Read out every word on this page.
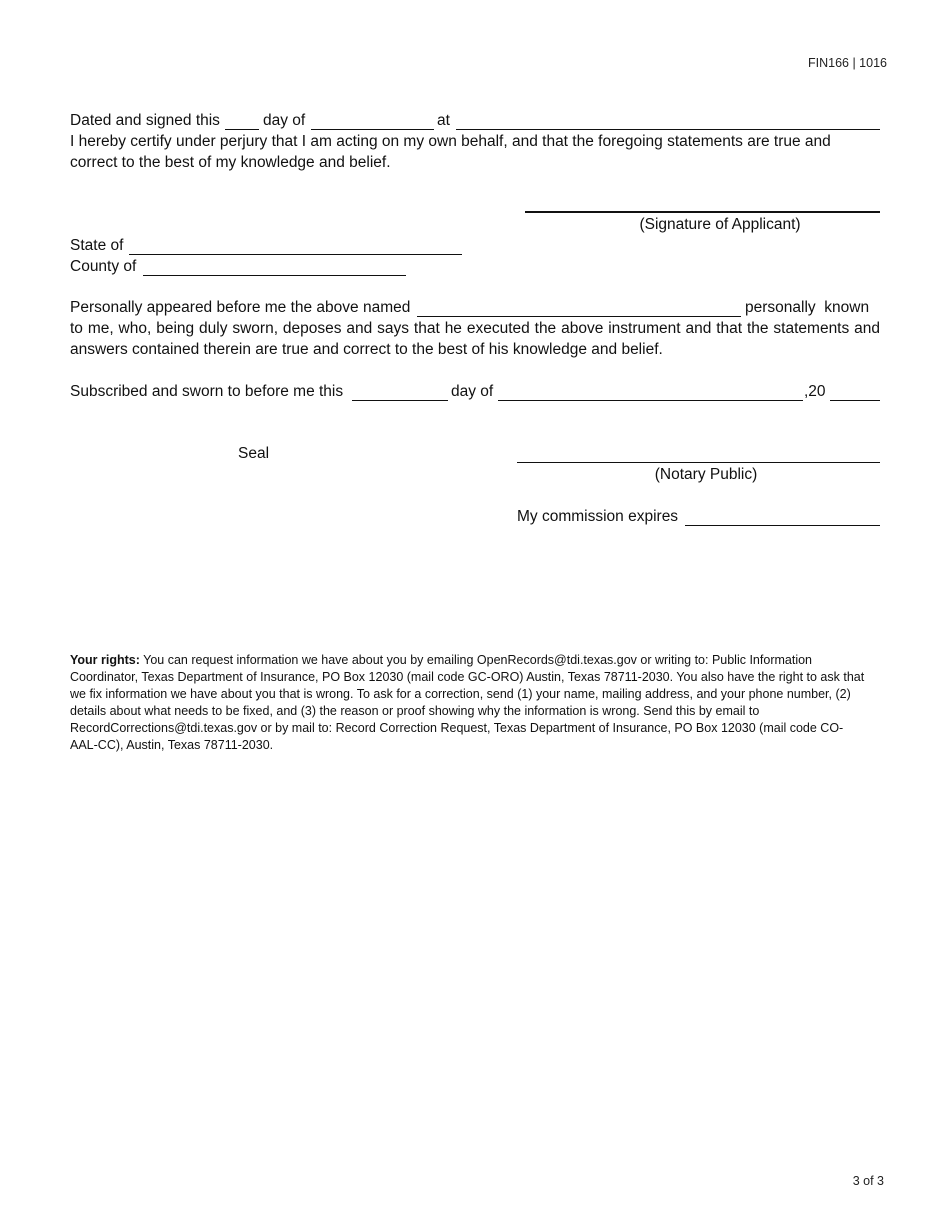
FIN166 | 1016
Dated and signed this	day of	at
I hereby certify under perjury that I am acting on my own behalf, and that the foregoing statements are true and correct to the best of my knowledge and belief.
(Signature of Applicant)
State of
County of
Personally appeared before me the above named	personally  known
to me, who, being duly sworn, deposes and says that he executed the above instrument and that the statements and answers contained therein are true and correct to the best of his knowledge and belief.
Subscribed and sworn to before me this	day of	,20
Seal
(Notary Public)
My commission expires
Your rights: You can request information we have about you by emailing OpenRecords@tdi.texas.gov or writing to: Public Information Coordinator, Texas Department of Insurance, PO Box 12030 (mail code GC-ORO) Austin, Texas 78711-2030. You also have the right to ask that we fix information we have about you that is wrong. To ask for a correction, send (1) your name, mailing address, and your phone number, (2) details about what needs to be fixed, and (3) the reason or proof showing why the information is wrong. Send this by email to RecordCorrections@tdi.texas.gov or by mail to: Record Correction Request, Texas Department of Insurance, PO Box 12030 (mail code CO-AAL-CC), Austin, Texas 78711-2030.
3 of 3
